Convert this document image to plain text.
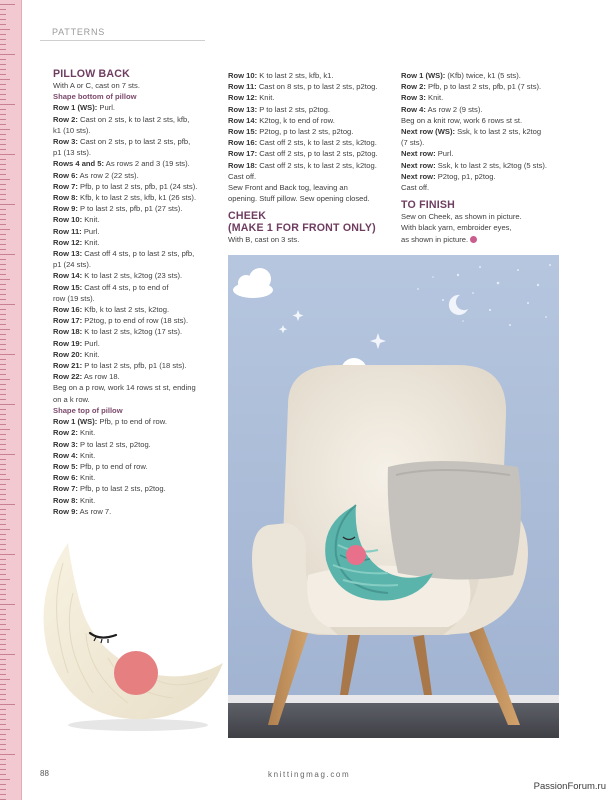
PATTERNS
PILLOW BACK
With A or C, cast on 7 sts.
Shape bottom of pillow
Row 1 (WS): Purl.
Row 2: Cast on 2 sts, k to last 2 sts, kfb,
k1 (10 sts).
Row 3: Cast on 2 sts, p to last 2 sts, pfb,
p1 (13 sts).
Rows 4 and 5: As rows 2 and 3 (19 sts).
Row 6: As row 2 (22 sts).
Row 7: Pfb, p to last 2 sts, pfb, p1 (24 sts).
Row 8: Kfb, k to last 2 sts, kfb, k1 (26 sts).
Row 9: P to last 2 sts, pfb, p1 (27 sts).
Row 10: Knit.
Row 11: Purl.
Row 12: Knit.
Row 13: Cast off 4 sts, p to last 2 sts, pfb,
p1 (24 sts).
Row 14: K to last 2 sts, k2tog (23 sts).
Row 15: Cast off 4 sts, p to end of
row (19 sts).
Row 16: Kfb, k to last 2 sts, k2tog.
Row 17: P2tog, p to end of row (18 sts).
Row 18: K to last 2 sts, k2tog (17 sts).
Row 19: Purl.
Row 20: Knit.
Row 21: P to last 2 sts, pfb, p1 (18 sts).
Row 22: As row 18.
Beg on a p row, work 14 rows st st, ending
on a k row.
Shape top of pillow
Row 1 (WS): Pfb, p to end of row.
Row 2: Knit.
Row 3: P to last 2 sts, p2tog.
Row 4: Knit.
Row 5: Pfb, p to end of row.
Row 6: Knit.
Row 7: Pfb, p to last 2 sts, p2tog.
Row 8: Knit.
Row 9: As row 7.
Row 10: K to last 2 sts, kfb, k1.
Row 11: Cast on 8 sts, p to last 2 sts, p2tog.
Row 12: Knit.
Row 13: P to last 2 sts, p2tog.
Row 14: K2tog, k to end of row.
Row 15: P2tog, p to last 2 sts, p2tog.
Row 16: Cast off 2 sts, k to last 2 sts, k2tog.
Row 17: Cast off 2 sts, p to last 2 sts, p2tog.
Row 18: Cast off 2 sts, k to last 2 sts, k2tog.
Cast off.
Sew Front and Back tog, leaving an
opening. Stuff pillow. Sew opening closed.
CHEEK
(MAKE 1 FOR FRONT ONLY)
With B, cast on 3 sts.
Row 1 (WS): (Kfb) twice, k1 (5 sts).
Row 2: Pfb, p to last 2 sts, pfb, p1 (7 sts).
Row 3: Knit.
Row 4: As row 2 (9 sts).
Beg on a knit row, work 6 rows st st.
Next row (WS): Ssk, k to last 2 sts, k2tog
(7 sts).
Next row: Purl.
Next row: Ssk, k to last 2 sts, k2tog (5 sts).
Next row: P2tog, p1, p2tog.
Cast off.
TO FINISH
Sew on Cheek, as shown in picture.
With black yarn, embroider eyes,
as shown in picture.
88	knittingmag.com
PassionForum.ru
